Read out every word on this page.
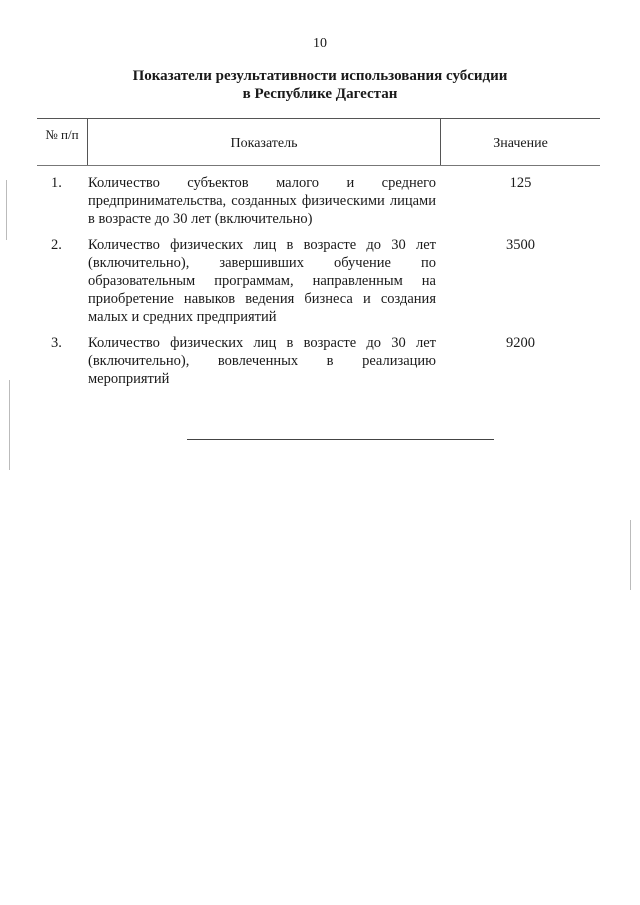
10
Показатели результативности использования субсидии
в Республике Дагестан
№ п/п
Показатель	Значение
1. Количество субъектов малого и среднего предпринимательства, созданных физическими лицами в возрасте до 30 лет (включительно)
125
2. Количество физических лиц в возрасте до 30 лет (включительно), завершивших обучение по образовательным программам, направленным на приобретение навыков ведения бизнеса и создания малых и средних предприятий
3500
3. Количество физических лиц в возрасте до 30 лет (включительно), вовлеченных в реализацию мероприятий
9200
